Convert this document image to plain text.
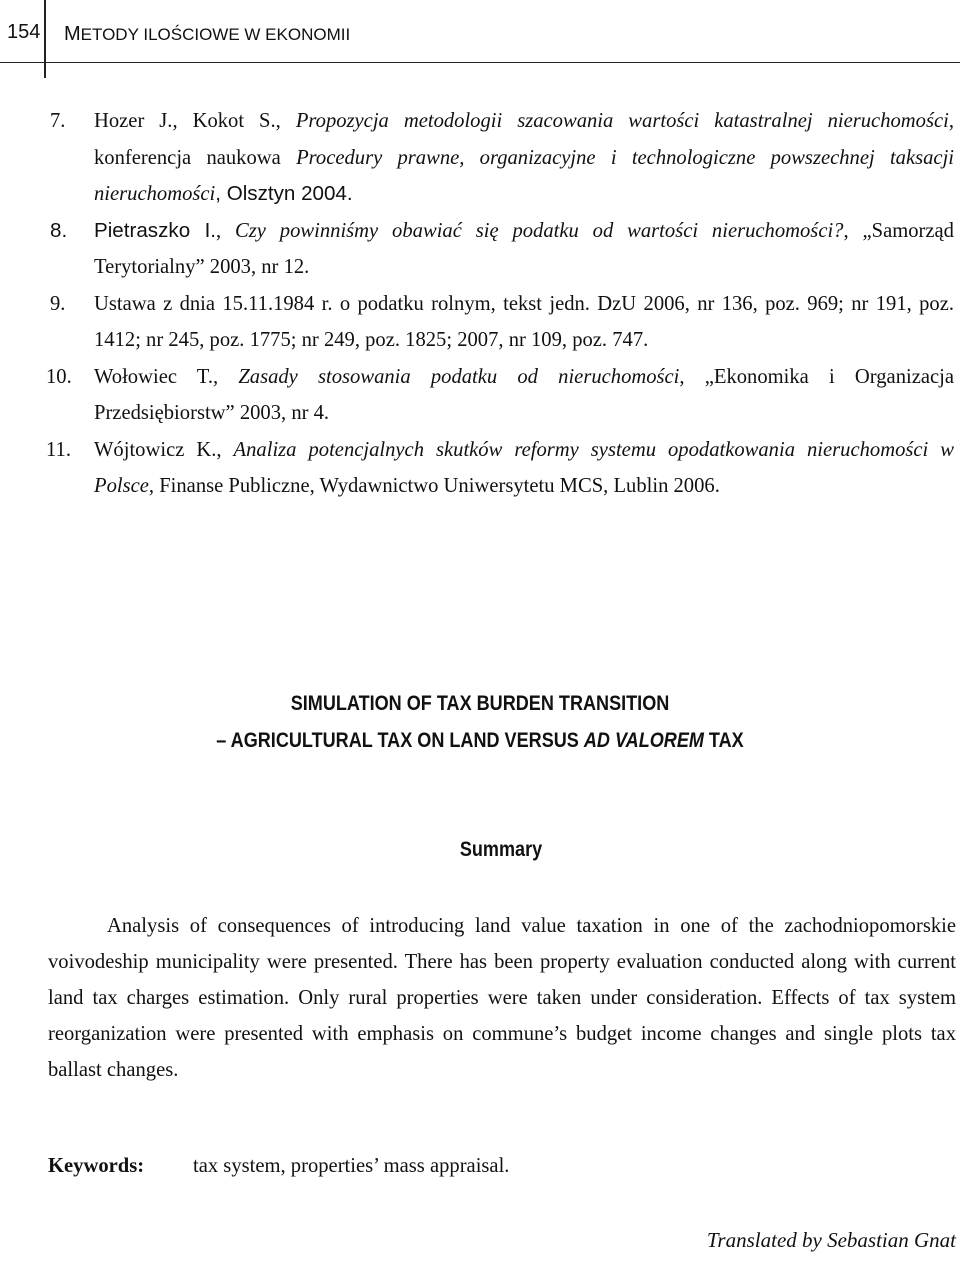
154 METODY ILOŚCIOWE W EKONOMII
7. Hozer J., Kokot S., Propozycja metodologii szacowania wartości katastralnej nieruchomości, konferencja naukowa Procedury prawne, organizacyjne i technologiczne powszechnej taksacji nieruchomości, Olsztyn 2004.
8. Pietraszko I., Czy powinniśmy obawiać się podatku od wartości nieruchomości?, „Samorząd Terytorialny” 2003, nr 12.
9. Ustawa z dnia 15.11.1984 r. o podatku rolnym, tekst jedn. DzU 2006, nr 136, poz. 969; nr 191, poz. 1412; nr 245, poz. 1775; nr 249, poz. 1825; 2007, nr 109, poz. 747.
10. Wołowiec T., Zasady stosowania podatku od nieruchomości, „Ekonomika i Organizacja Przedsiębiorstw” 2003, nr 4.
11. Wójtowicz K., Analiza potencjalnych skutków reformy systemu opodatkowania nieruchomości w Polsce, Finanse Publiczne, Wydawnictwo Uniwersytetu MCS, Lublin 2006.
SIMULATION OF TAX BURDEN TRANSITION
– AGRICULTURAL TAX ON LAND VERSUS AD VALOREM TAX
Summary
Analysis of consequences of introducing land value taxation in one of the zachodniopomorskie voivodeship municipality were presented. There has been property evaluation conducted along with current land tax charges estimation. Only rural properties were taken under consideration. Effects of tax system reorganization were presented with emphasis on commune’s budget income changes and single plots tax ballast changes.
Keywords: tax system, properties’ mass appraisal.
Translated by Sebastian Gnat
